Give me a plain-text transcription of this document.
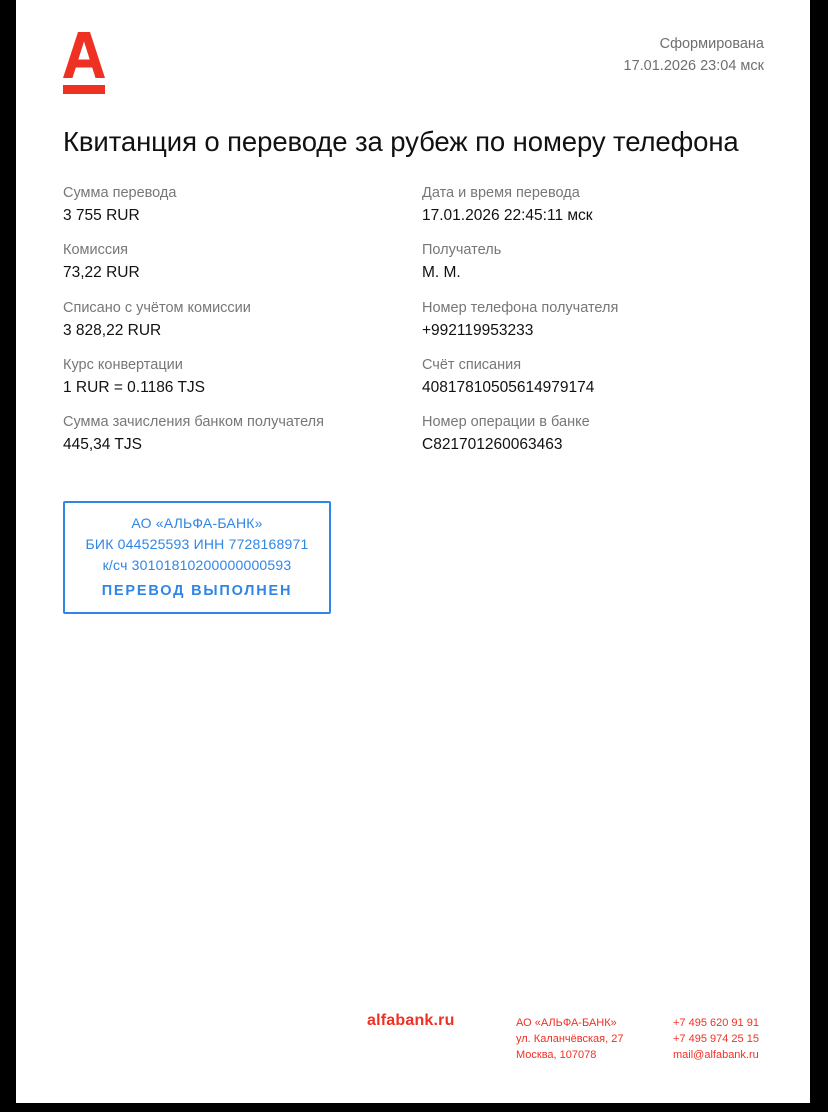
Сформирована
17.01.2026 23:04 мск
Квитанция о переводе за рубеж по номеру телефона
Сумма перевода
3 755 RUR
Комиссия
73,22 RUR
Списано с учётом комиссии
3 828,22 RUR
Курс конвертации
1 RUR = 0.1186 TJS
Сумма зачисления банком получателя
445,34 TJS
Дата и время перевода
17.01.2026 22:45:11 мск
Получатель
М. М.
Номер телефона получателя
+992119953233
Счёт списания
40817810505614979174
Номер операции в банке
C821701260063463
АО «АЛЬФА-БАНК»
БИК 044525593 ИНН 7728168971
к/сч 30101810200000000593
ПЕРЕВОД ВЫПОЛНЕН
alfabank.ru	АО «АЛЬФА-БАНК»
ул. Каланчёвская, 27
Москва, 107078
+7 495 620 91 91
+7 495 974 25 15
mail@alfabank.ru
